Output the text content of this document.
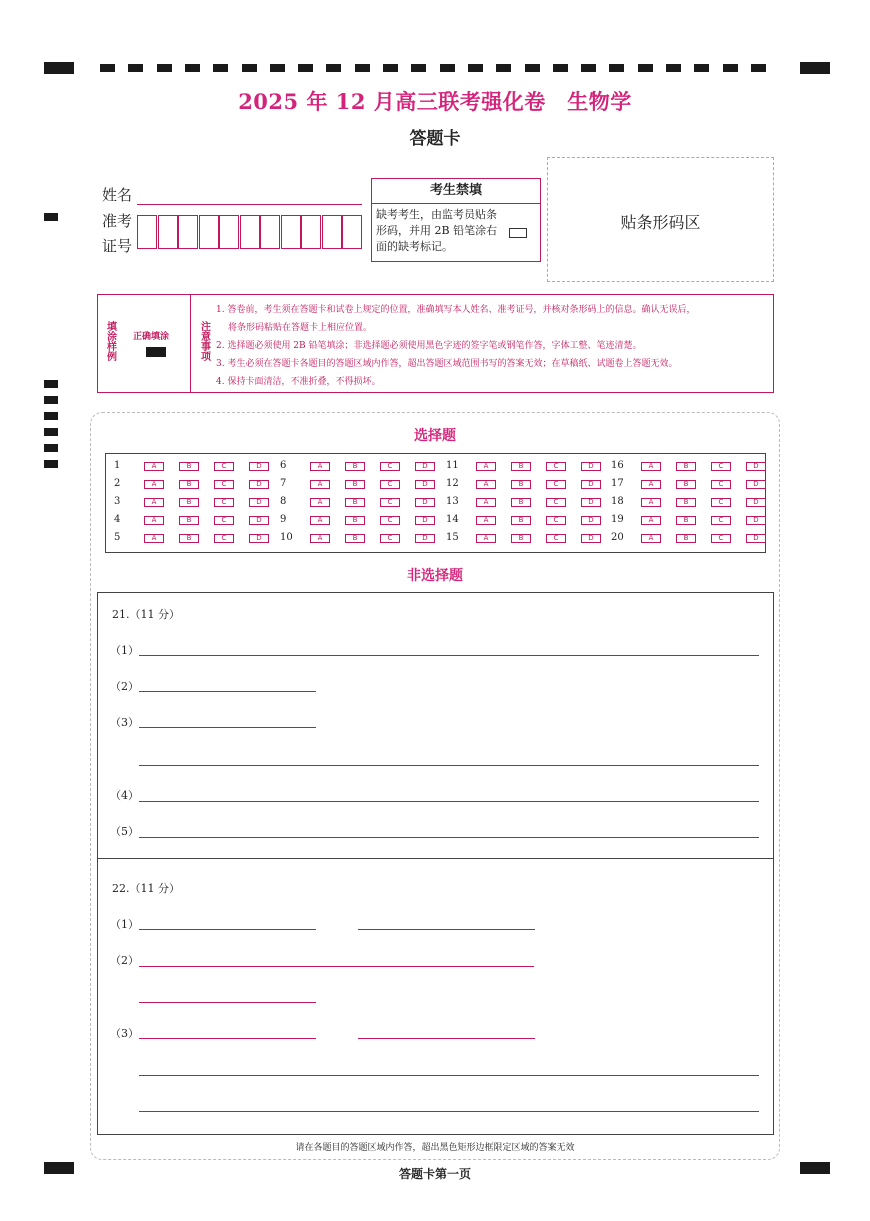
2025 年 12 月高三联考强化卷　生物学
答题卡
姓名
准考
证号
考生禁填
缺考考生，由监考员贴条形码，并用 2B 铅笔涂右面的缺考标记。
贴条形码区
填
涂
样
例
正确填涂
注
意
事
项
1. 答卷前，考生须在答题卡和试卷上规定的位置，准确填写本人姓名、准考证号，并核对条形码上的信息。确认无误后，
将条形码粘贴在答题卡上相应位置。
2. 选择题必须使用 2B 铅笔填涂；非选择题必须使用黑色字迹的签字笔或钢笔作答，字体工整、笔迹清楚。
3. 考生必须在答题卡各题目的答题区域内作答，超出答题区域范围书写的答案无效；在草稿纸、试题卷上答题无效。
4. 保持卡面清洁，不准折叠，不得损坏。
选择题
1	A	B	C	D
2	A	B	C	D
3	A	B	C	D
4	A	B	C	D
5	A	B	C	D
6	A	B	C	D
7	A	B	C	D
8	A	B	C	D
9	A	B	C	D
10	A	B	C	D
11	A	B	C	D
12	A	B	C	D
13	A	B	C	D
14	A	B	C	D
15	A	B	C	D
16	A	B	C	D
17	A	B	C	D
18	A	B	C	D
19	A	B	C	D
20	A	B	C	D
非选择题
21.（11 分）
（1）
（2）
（3）
（4）
（5）
22.（11 分）
（1）
（2）
（3）
请在各题目的答题区域内作答，超出黑色矩形边框限定区域的答案无效
答题卡第一页
